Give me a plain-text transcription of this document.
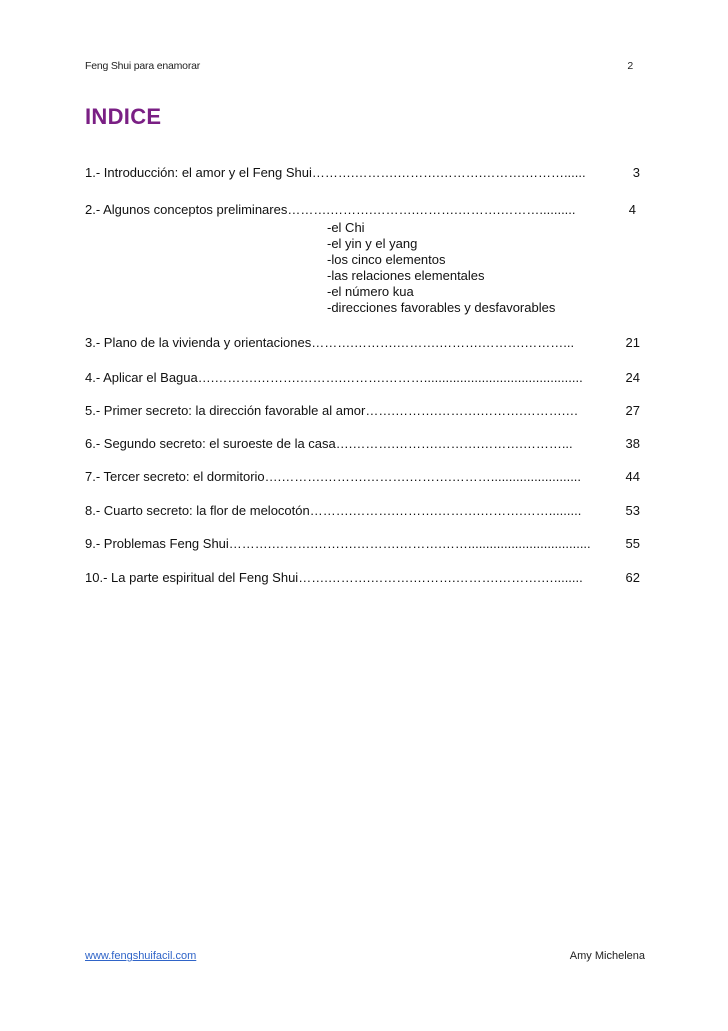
Feng Shui para enamorar	2
INDICE
1.- Introducción: el amor y el Feng Shui ……….……….……….……….……….………......	3
2.- Algunos conceptos preliminares ……….……….……….……….……….………..........	4
-el Chi
-el yin y el yang
-los cinco elementos
-las relaciones elementales
-el número kua
-direcciones favorables y desfavorables
3.- Plano de la vivienda y orientaciones ……….……….……….……….……….………...	21
4.- Aplicar el Bagua ….……….……….……….……….………............................................	24
5.- Primer secreto: la dirección favorable al amor …….……….……….……….……….…	27
6.- Segundo secreto: el suroeste de la casa ….……….……….……….……….………...	38
7.- Tercer secreto: el dormitorio ….……….……….……….……….……….........................	44
8.- Cuarto secreto: la flor de melocotón ……….……….……….……….……….…….........	53
9.- Problemas Feng Shui ……….……….……….……….……….……..................................	55
10.- La parte espiritual del Feng Shui …….……….……….……….……….……….…........	62
www.fengshuifacil.com	Amy Michelena
